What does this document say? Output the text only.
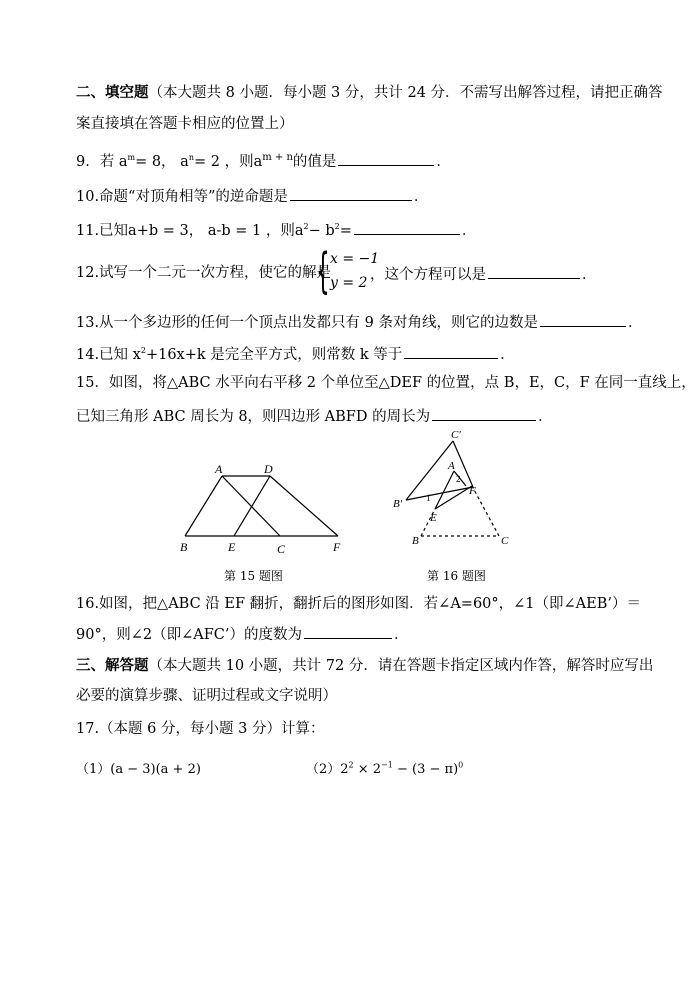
二、填空题（本大题共 8 小题．每小题 3 分，共计 24 分．不需写出解答过程，请把正确答
案直接填在答题卡相应的位置上）
9．若 $a^m= 8$， $a^n= 2$ ，则$a^{m + n}$的值是	．
10.命题“对顶角相等”的逆命题是	．
11.已知a+b = 3， a-b = 1 ，则$a^2- b^2=$	．
12.试写一个二元一次方程，使它的解是
{ x = −1
y = 2 ，这个方程可以是	．
13.从一个多边形的任何一个顶点出发都只有 9 条对角线，则它的边数是	．
14.已知 $x^2+16x+k$ 是完全平方式，则常数 k 等于	．
15．如图，将△ABC 水平向右平移 2 个单位至△DEF 的位置，点 B，E，C，F 在同一直线上，
已知三角形 ABC 周长为 8，则四边形 ABFD 的周长为	．
A	D
B	E	C	F
第 15 题图
C′
A
2
F
B′	1
E
B	C
第 16 题图
16.如图，把△ABC 沿 EF 翻折，翻折后的图形如图．若∠A=60°，∠1（即∠AEB’）＝
90°，则∠2（即∠AFC’）的度数为	．
三、解答题（本大题共 10 小题，共计 72 分．请在答题卡指定区域内作答，解答时应写出
必要的演算步骤、证明过程或文字说明）
17.（本题 6 分，每小题 3 分）计算：
（1）(a − 3)(a + 2)	$(2)2^2 \times 2^{-1} - (3 - \pi)^0$
